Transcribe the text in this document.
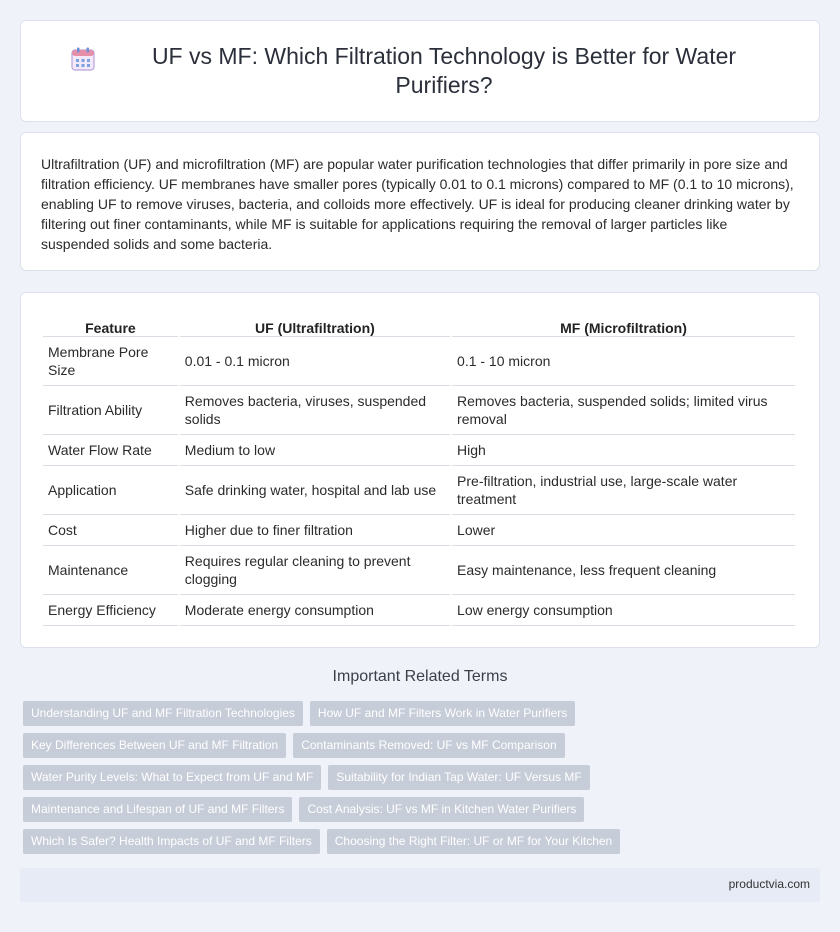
UF vs MF: Which Filtration Technology is Better for Water Purifiers?

Ultrafiltration (UF) and microfiltration (MF) are popular water purification technologies that differ primarily in pore size and filtration efficiency. UF membranes have smaller pores (typically 0.01 to 0.1 microns) compared to MF (0.1 to 10 microns), enabling UF to remove viruses, bacteria, and colloids more effectively. UF is ideal for producing cleaner drinking water by filtering out finer contaminants, while MF is suitable for applications requiring the removal of larger particles like suspended solids and some bacteria.

Feature	UF (Ultrafiltration)	MF (Microfiltration)
Membrane Pore Size	0.01 - 0.1 micron	0.1 - 10 micron
Filtration Ability	Removes bacteria, viruses, suspended solids	Removes bacteria, suspended solids; limited virus removal
Water Flow Rate	Medium to low	High
Application	Safe drinking water, hospital and lab use	Pre-filtration, industrial use, large-scale water treatment
Cost	Higher due to finer filtration	Lower
Maintenance	Requires regular cleaning to prevent clogging	Easy maintenance, less frequent cleaning
Energy Efficiency	Moderate energy consumption	Low energy consumption
Important Related Terms
Understanding UF and MF Filtration Technologies	How UF and MF Filters Work in Water Purifiers
Key Differences Between UF and MF Filtration	Contaminants Removed: UF vs MF Comparison
Water Purity Levels: What to Expect from UF and MF	Suitability for Indian Tap Water: UF Versus MF
Maintenance and Lifespan of UF and MF Filters	Cost Analysis: UF vs MF in Kitchen Water Purifiers
Which Is Safer? Health Impacts of UF and MF Filters	Choosing the Right Filter: UF or MF for Your Kitchen
productvia.com
